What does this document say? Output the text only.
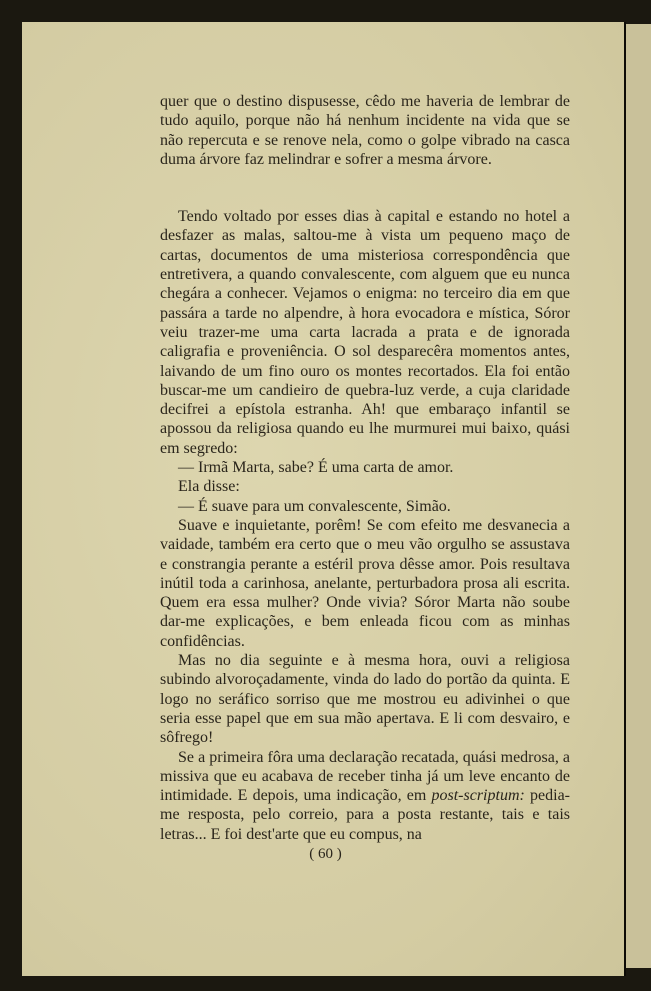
quer que o destino dispusesse, cêdo me haveria de lembrar de tudo aquilo, porque não há nenhum incidente na vida que se não repercuta e se renove nela, como o golpe vibrado na casca duma árvore faz melindrar e sofrer a mesma árvore.

Tendo voltado por esses dias à capital e estando no hotel a desfazer as malas, saltou-me à vista um pequeno maço de cartas, documentos de uma misteriosa correspondência que entretivera, a quando convalescente, com alguem que eu nunca chegára a conhecer. Vejamos o enigma: no terceiro dia em que passára a tarde no alpendre, à hora evocadora e mística, Sóror veiu trazer-me uma carta lacrada a prata e de ignorada caligrafia e proveniência. O sol desparecêra momentos antes, laivando de um fino ouro os montes recortados. Ela foi então buscar-me um candieiro de quebra-luz verde, a cuja claridade decifrei a epístola estranha. Ah! que embaraço infantil se apossou da religiosa quando eu lhe murmurei mui baixo, quási em segredo:

— Irmã Marta, sabe? É uma carta de amor.

Ela disse:

— É suave para um convalescente, Simão.

Suave e inquietante, porêm! Se com efeito me desvanecia a vaidade, também era certo que o meu vão orgulho se assustava e constrangia perante a estéril prova dêsse amor. Pois resultava inútil toda a carinhosa, anelante, perturbadora prosa ali escrita. Quem era essa mulher? Onde vivia? Sóror Marta não soube dar-me explicações, e bem enleada ficou com as minhas confidências.

Mas no dia seguinte e à mesma hora, ouvi a religiosa subindo alvoroçadamente, vinda do lado do portão da quinta. E logo no seráfico sorriso que me mostrou eu adivinhei o que seria esse papel que em sua mão apertava. E li com desvairo, e sôfrego!

Se a primeira fôra uma declaração recatada, quási medrosa, a missiva que eu acabava de receber tinha já um leve encanto de intimidade. E depois, uma indicação, em post-scriptum: pedia-me resposta, pelo correio, para a posta restante, tais e tais letras... E foi dest'arte que eu compus, na

( 60 )
